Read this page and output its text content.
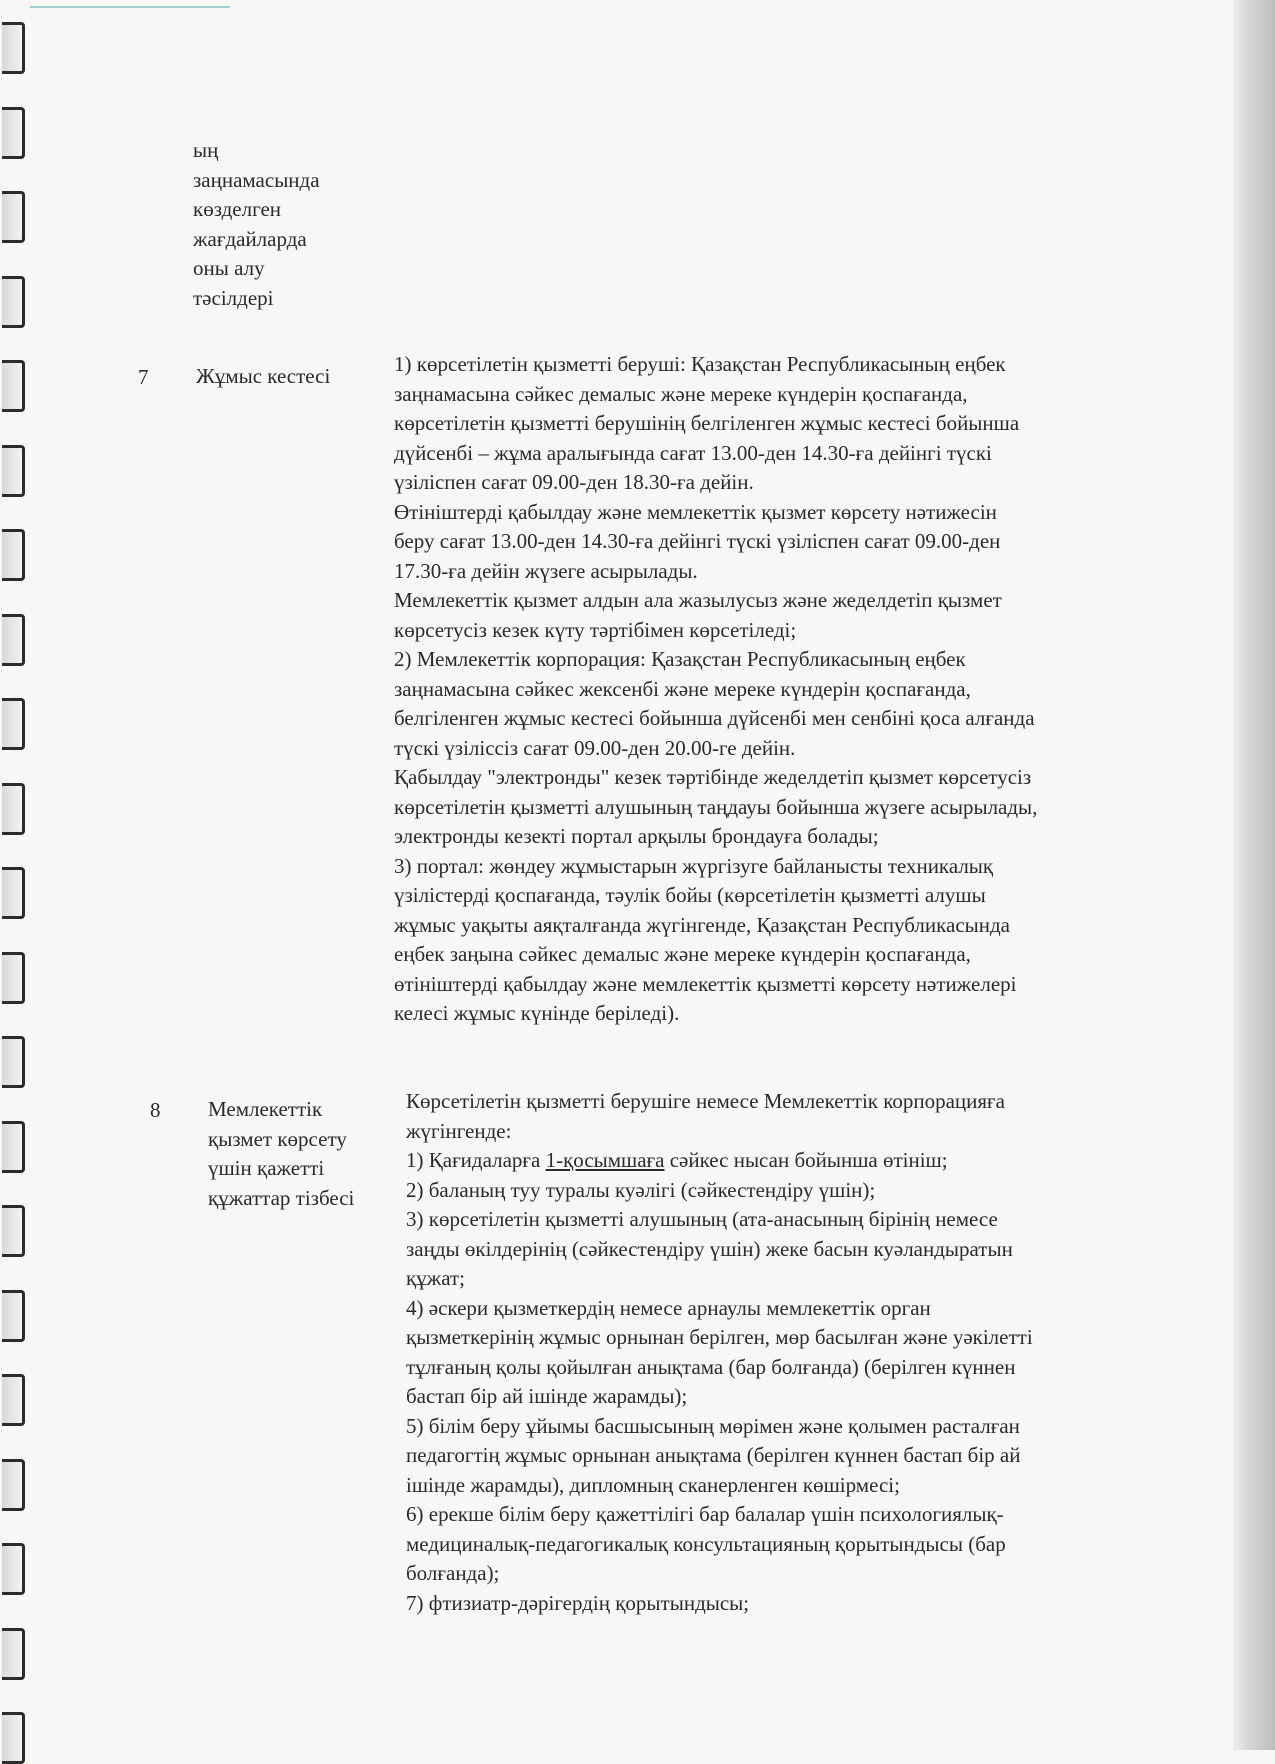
ың
заңнамасында
көзделген
жағдайларда
оны алу
тәсілдері
7 Жұмыс кестесі	1) көрсетілетін қызметті беруші: Қазақстан Республикасының еңбек
заңнамасына сәйкес демалыс және мереке күндерін қоспағанда,
көрсетілетін қызметті берушінің белгіленген жұмыс кестесі бойынша
дүйсенбі – жұма аралығында сағат 13.00-ден 14.30-ға дейінгі түскі
үзіліспен сағат 09.00-ден 18.30-ға дейін.
Өтініштерді қабылдау және мемлекеттік қызмет көрсету нәтижесін
беру сағат 13.00-ден 14.30-ға дейінгі түскі үзіліспен сағат 09.00-ден
17.30-ға дейін жүзеге асырылады.
Мемлекеттік қызмет алдын ала жазылусыз және жеделдетіп қызмет
көрсетусіз кезек күту тәртібімен көрсетіледі;
2) Мемлекеттік корпорация: Қазақстан Республикасының еңбек
заңнамасына сәйкес жексенбі және мереке күндерін қоспағанда,
белгіленген жұмыс кестесі бойынша дүйсенбі мен сенбіні қоса алғанда
түскі үзіліссіз сағат 09.00-ден 20.00-ге дейін.
Қабылдау "электронды" кезек тәртібінде жеделдетіп қызмет көрсетусіз
көрсетілетін қызметті алушының таңдауы бойынша жүзеге асырылады,
электронды кезекті портал арқылы брондауға болады;
3) портал: жөндеу жұмыстарын жүргізуге байланысты техникалық
үзілістерді қоспағанда, тәулік бойы (көрсетілетін қызметті алушы
жұмыс уақыты аяқталғанда жүгінгенде, Қазақстан Республикасында
еңбек заңына сәйкес демалыс және мереке күндерін қоспағанда,
өтініштерді қабылдау және мемлекеттік қызметті көрсету нәтижелері
келесі жұмыс күнінде беріледі).
8 Мемлекеттік
қызмет көрсету
үшін қажетті
құжаттар тізбесі
Көрсетілетін қызметті берушіге немесе Мемлекеттік корпорацияға
жүгінгенде:
1) Қағидаларға 1-қосымшаға сәйкес нысан бойынша өтініш;
2) баланың туу туралы куәлігі (сәйкестендіру үшін);
3) көрсетілетін қызметті алушының (ата-анасының бірінің немесе
заңды өкілдерінің (сәйкестендіру үшін) жеке басын куәландыратын
құжат;
4) әскери қызметкердің немесе арнаулы мемлекеттік орган
қызметкерінің жұмыс орнынан берілген, мөр басылған және уәкілетті
тұлғаның қолы қойылған анықтама (бар болғанда) (берілген күннен
бастап бір ай ішінде жарамды);
5) білім беру ұйымы басшысының мөрімен және қолымен расталған
педагогтің жұмыс орнынан анықтама (берілген күннен бастап бір ай
ішінде жарамды), дипломның сканерленген көшірмесі;
6) ерекше білім беру қажеттілігі бар балалар үшін психологиялық-
медициналық-педагогикалық консультацияның қорытындысы (бар
болғанда);
7) фтизиатр-дәрігердің қорытындысы;
